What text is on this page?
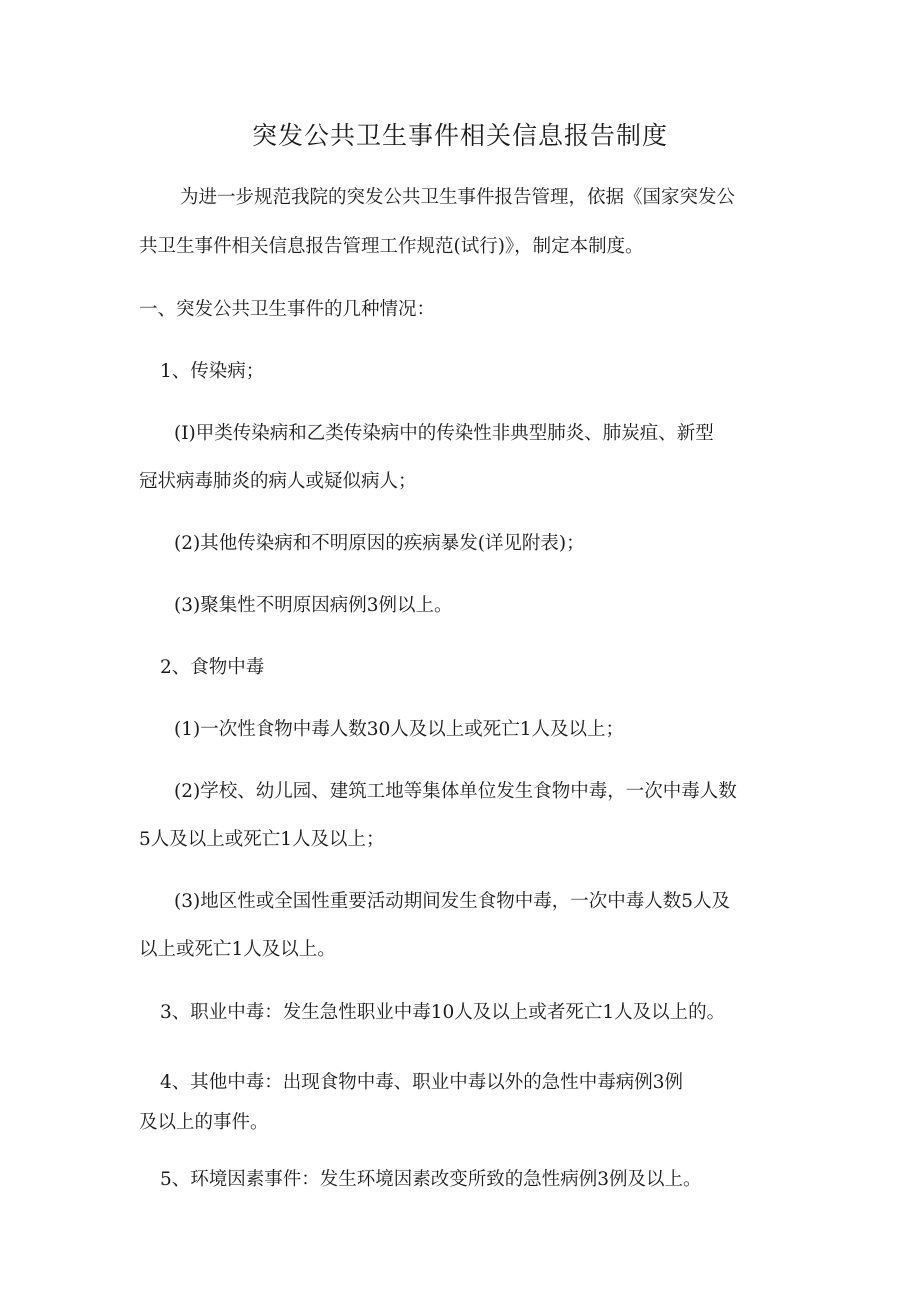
突发公共卫生事件相关信息报告制度

为进一步规范我院的突发公共卫生事件报告管理，依据《国家突发公

共卫生事件相关信息报告管理工作规范(试行)》，制定本制度。

一、突发公共卫生事件的几种情况：

1、传染病；

(I)甲类传染病和乙类传染病中的传染性非典型肺炎、肺炭疽、新型

冠状病毒肺炎的病人或疑似病人；

(2)其他传染病和不明原因的疾病暴发(详见附表)；

(3)聚集性不明原因病例3例以上。

2、食物中毒

(1)一次性食物中毒人数30人及以上或死亡1人及以上；

(2)学校、幼儿园、建筑工地等集体单位发生食物中毒，一次中毒人数

5人及以上或死亡1人及以上；

(3)地区性或全国性重要活动期间发生食物中毒，一次中毒人数5人及

以上或死亡1人及以上。

3、职业中毒：发生急性职业中毒10人及以上或者死亡1人及以上的。

4、其他中毒：出现食物中毒、职业中毒以外的急性中毒病例3例

及以上的事件。

5、环境因素事件：发生环境因素改变所致的急性病例3例及以上。
